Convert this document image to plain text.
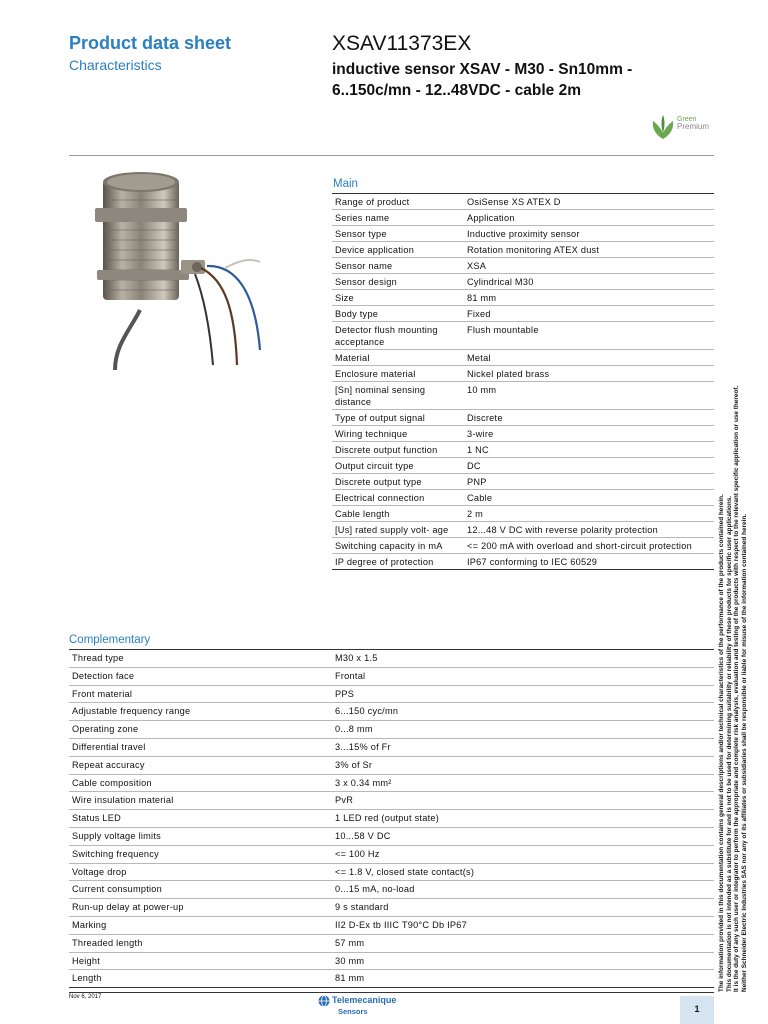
Product data sheet
Characteristics
XSAV11373EX
inductive sensor XSAV - M30 - Sn10mm - 6..150c/mn - 12..48VDC - cable 2m
Green
Premium
Main
Range of product	OsiSense XS ATEX D
Series name	Application
Sensor type	Inductive proximity sensor
Device application	Rotation monitoring ATEX dust
Sensor name	XSA
Sensor design	Cylindrical M30
Size	81 mm
Body type	Fixed
Detector flush mounting acceptance	Flush mountable
Material	Metal
Enclosure material	Nickel plated brass
[Sn] nominal sensing distance	10 mm
Type of output signal	Discrete
Wiring technique	3-wire
Discrete output function	1 NC
Output circuit type	DC
Discrete output type	PNP
Electrical connection	Cable
Cable length	2 m
[Us] rated supply volt- age	12...48 V DC with reverse polarity protection
Switching capacity in mA	<= 200 mA with overload and short-circuit protection
IP degree of protection	IP67 conforming to IEC 60529
Complementary
Thread type	M30 x 1.5
Detection face	Frontal
Front material	PPS
Adjustable frequency range	6...150 cyc/mn
Operating zone	0...8 mm
Differential travel	3...15% of Fr
Repeat accuracy	3% of Sr
Cable composition	3 x 0.34 mm²
Wire insulation material	PvR
Status LED	1 LED red (output state)
Supply voltage limits	10...58 V DC
Switching frequency	<= 100 Hz
Voltage drop	<= 1.8 V, closed state contact(s)
Current consumption	0...15 mA, no-load
Run-up delay at power-up	9 s standard
Marking	II2 D-Ex tb IIIC T90°C Db IP67
Threaded length	57 mm
Height	30 mm
Length	81 mm	The information provided in this documentation contains general descriptions and/or technical characteristics of the performance of the products contained herein. This documentation is not intended as a substitute for and is not to be used for determining suitability or reliability of these products for specific user applications. It is the duty of any such user or integrator to perform the appropriate and complete risk analysis, evaluation and testing of the products with respect to the relevant specific application or use thereof. Neither Schneider Electric Industries SAS nor any of its affiliates or subsidiaries shall be responsible or liable for misuse of the information contained herein.
Nov 6, 2017	Telemecanique
Sensors	1
